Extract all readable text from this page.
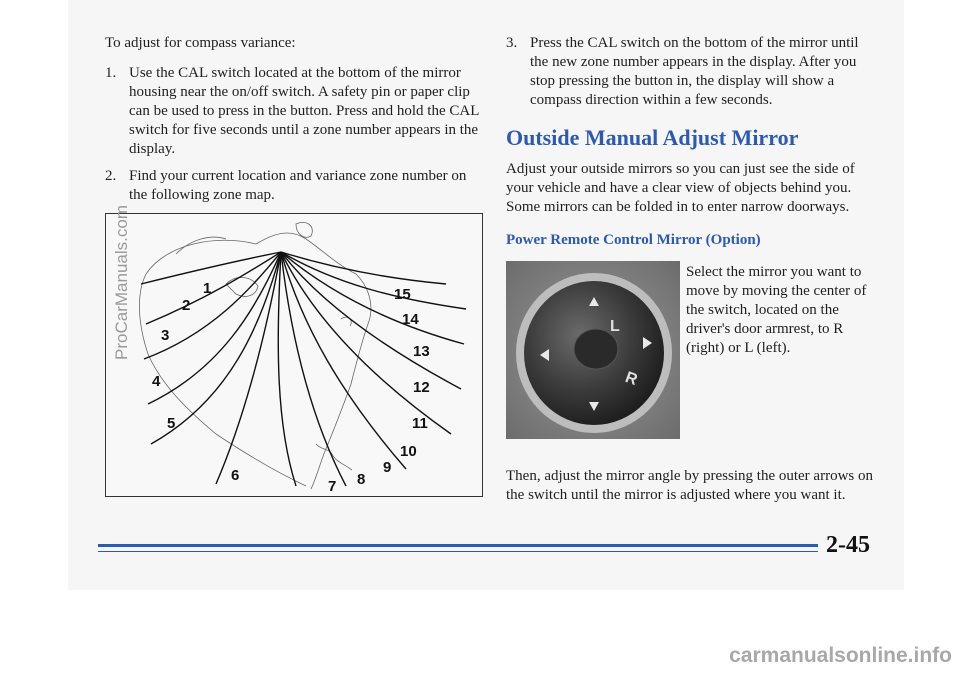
To adjust for compass variance:

1. Use the CAL switch located at the bottom of the mirror housing near the on/off switch. A safety pin or paper clip can be used to press in the button. Press and hold the CAL switch for five seconds until a zone number appears in the display.
2. Find your current location and variance zone number on the following zone map.
1
2
3
4
5
6
7 8
9
10
11
12
13
14
15
3. Press the CAL switch on the bottom of the mirror until the new zone number appears in the display. After you stop pressing the button in, the display will show a compass direction within a few seconds.
Outside Manual Adjust Mirror

Adjust your outside mirrors so you can just see the side of your vehicle and have a clear view of objects behind you. Some mirrors can be folded in to enter narrow doorways.

Power Remote Control Mirror (Option)
L
R

Select the mirror you want to move by moving the center of the switch, located on the driver's door armrest, to R (right) or L (left).

Then, adjust the mirror angle by pressing the outer arrows on the switch until the mirror is adjusted where you want it.

2-45
ProCarManuals.com
carmanualsonline.info
